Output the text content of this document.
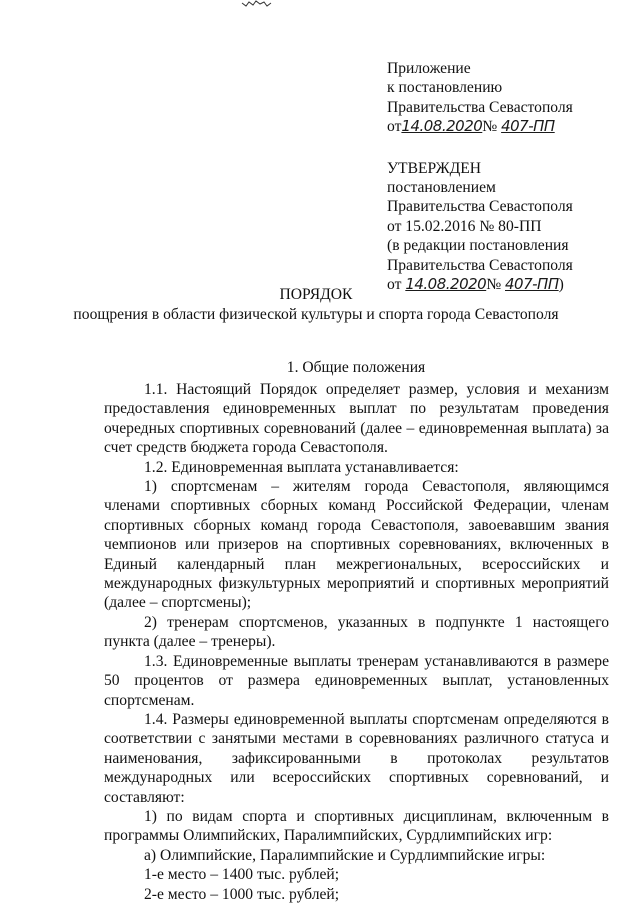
Приложение
к постановлению
Правительства Севастополя
от14.08.2020№ 407-ПП
УТВЕРЖДЕН
постановлением
Правительства Севастополя
от 15.02.2016 № 80-ПП
(в редакции постановления
Правительства Севастополя
от 14.08.2020№ 407-ПП)
ПОРЯДОК
поощрения в области физической культуры и спорта города Севастополя
1. Общие положения

1.1. Настоящий Порядок определяет размер, условия и механизм предоставления единовременных выплат по результатам проведения очередных спортивных соревнований (далее – единовременная выплата) за счет средств бюджета города Севастополя.

1.2. Единовременная выплата устанавливается:

1) спортсменам – жителям города Севастополя, являющимся членами спортивных сборных команд Российской Федерации, членам спортивных сборных команд города Севастополя, завоевавшим звания чемпионов или призеров на спортивных соревнованиях, включенных в Единый календарный план межрегиональных, всероссийских и международных физкультурных мероприятий и спортивных мероприятий (далее – спортсмены);

2) тренерам спортсменов, указанных в подпункте 1 настоящего пункта (далее – тренеры).

1.3. Единовременные выплаты тренерам устанавливаются в размере 50 процентов от размера единовременных выплат, установленных спортсменам.

1.4. Размеры единовременной выплаты спортсменам определяются в соответствии с занятыми местами в соревнованиях различного статуса и наименования, зафиксированными в протоколах результатов международных или всероссийских спортивных соревнований, и составляют:

1) по видам спорта и спортивных дисциплинам, включенным в программы Олимпийских, Паралимпийских, Сурдлимпийских игр:

а) Олимпийские, Паралимпийские и Сурдлимпийские игры:

1-е место – 1400 тыс. рублей;

2-е место – 1000 тыс. рублей;
